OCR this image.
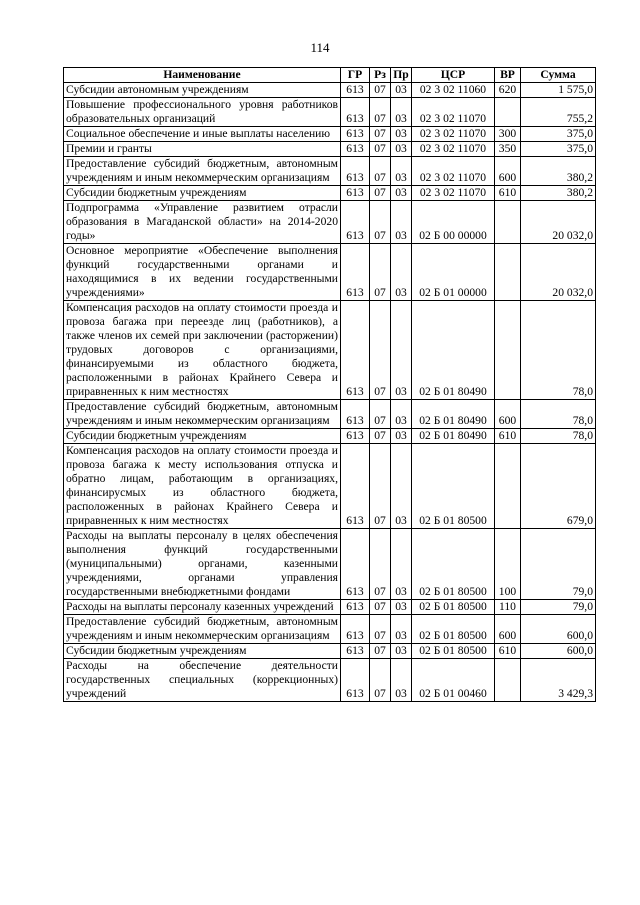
114
Наименование	ГР	Рз	Пр	ЦСР	ВР	Сумма
Субсидии автономным учреждениям	613	07	03	02 3 02 11060	620	1 575,0
Повышение профессионального уровня работников образовательных организаций	613	07	03	02 3 02 11070		755,2
Социальное обеспечение и иные выплаты населению	613	07	03	02 3 02 11070	300	375,0
Премии и гранты	613	07	03	02 3 02 11070	350	375,0
Предоставление субсидий бюджетным, автономным учреждениям и иным некоммерческим организациям	613	07	03	02 3 02 11070	600	380,2
Субсидии бюджетным учреждениям	613	07	03	02 3 02 11070	610	380,2
Подпрограмма «Управление развитием отрасли образования в Магаданской области» на 2014-2020 годы»	613	07	03	02 Б 00 00000		20 032,0
Основное мероприятие «Обеспечение выполнения функций государственными органами и находящимися в их ведении государственными учреждениями»	613	07	03	02 Б 01 00000		20 032,0
Компенсация расходов на оплату стоимости проезда и провоза багажа при переезде лиц (работников), а также членов их семей при заключении (расторжении) трудовых договоров с организациями, финансируемыми из областного бюджета, расположенными в районах Крайнего Севера и приравненных к ним местностях	613	07	03	02 Б 01 80490		78,0
Предоставление субсидий бюджетным, автономным учреждениям и иным некоммерческим организациям	613	07	03	02 Б 01 80490	600	78,0
Субсидии бюджетным учреждениям	613	07	03	02 Б 01 80490	610	78,0
Компенсация расходов на оплату стоимости проезда и провоза багажа к месту использования отпуска и обратно лицам, работающим в организациях, финансирусмых из областного бюджета, расположенных в районах Крайнего Севера и приравненных к ним местностях	613	07	03	02 Б 01 80500		679,0
Расходы на выплаты персоналу в целях обеспечения выполнения функций государственными (муниципальными) органами, казенными учреждениями, органами управления государственными внебюджетными фондами	613	07	03	02 Б 01 80500	100	79,0
Расходы на выплаты персоналу казенных учреждений	613	07	03	02 Б 01 80500	110	79,0
Предоставление субсидий бюджетным, автономным учреждениям и иным некоммерческим организациям	613	07	03	02 Б 01 80500	600	600,0
Субсидии бюджетным учреждениям	613	07	03	02 Б 01 80500	610	600,0
Расходы на обеспечение деятельности государственных специальных (коррекционных) учреждений	613	07	03	02 Б 01 00460		3 429,3
